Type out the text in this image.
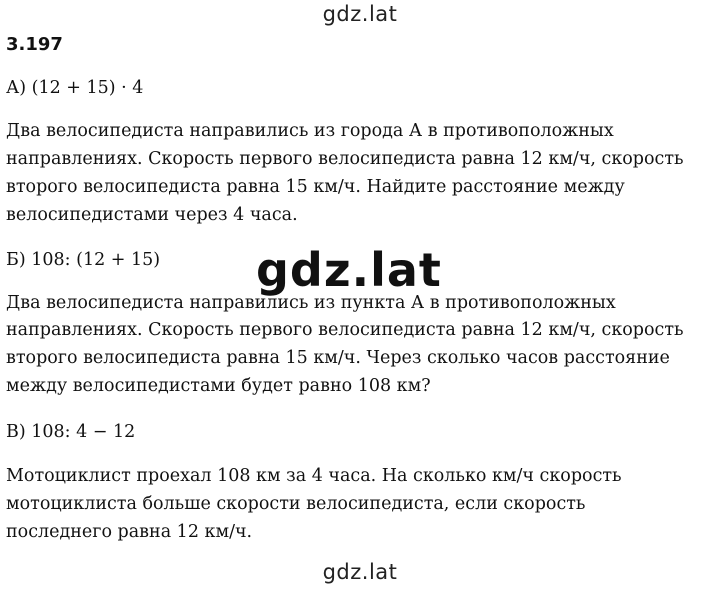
gdz.lat
3.197
А) (12 + 15) · 4
Два велосипедиста направились из города А в противоположных
направлениях. Скорость первого велосипедиста равна 12 км/ч, скорость
второго велосипедиста равна 15 км/ч. Найдите расстояние между
велосипедистами через 4 часа.
Б) 108: (12 + 15)
Два велосипедиста направились из пункта А в противоположных
направлениях. Скорость первого велосипедиста равна 12 км/ч, скорость
второго велосипедиста равна 15 км/ч. Через сколько часов расстояние
между велосипедистами будет равно 108 км?
В) 108: 4 − 12
Мотоциклист проехал 108 км за 4 часа. На сколько км/ч скорость
мотоциклиста больше скорости велосипедиста, если скорость
последнего равна 12 км/ч.
gdz.lat
gdz.lat
